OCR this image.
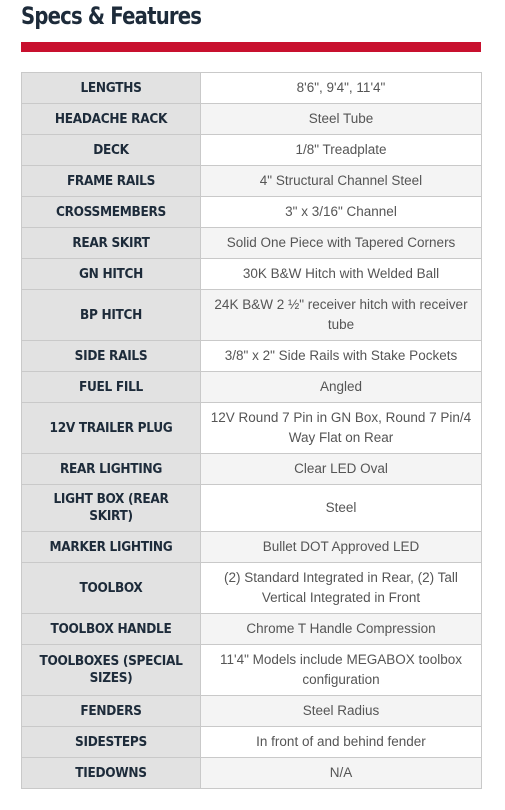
Specs & Features
LENGTHS	8'6", 9'4", 11'4"
HEADACHE RACK	Steel Tube
DECK	1/8" Treadplate
FRAME RAILS	4" Structural Channel Steel
CROSSMEMBERS	3" x 3/16" Channel
REAR SKIRT	Solid One Piece with Tapered Corners
GN HITCH	30K B&W Hitch with Welded Ball
BP HITCH	24K B&W 2 ½" receiver hitch with receiver tube
SIDE RAILS	3/8" x 2" Side Rails with Stake Pockets
FUEL FILL	Angled
12V TRAILER PLUG	12V Round 7 Pin in GN Box, Round 7 Pin/4 Way Flat on Rear
REAR LIGHTING	Clear LED Oval
LIGHT BOX (REAR SKIRT)	Steel
MARKER LIGHTING	Bullet DOT Approved LED
TOOLBOX	(2) Standard Integrated in Rear, (2) Tall Vertical Integrated in Front
TOOLBOX HANDLE	Chrome T Handle Compression
TOOLBOXES (SPECIAL SIZES)	11'4" Models include MEGABOX toolbox configuration
FENDERS	Steel Radius
SIDESTEPS	In front of and behind fender
TIEDOWNS	N/A
